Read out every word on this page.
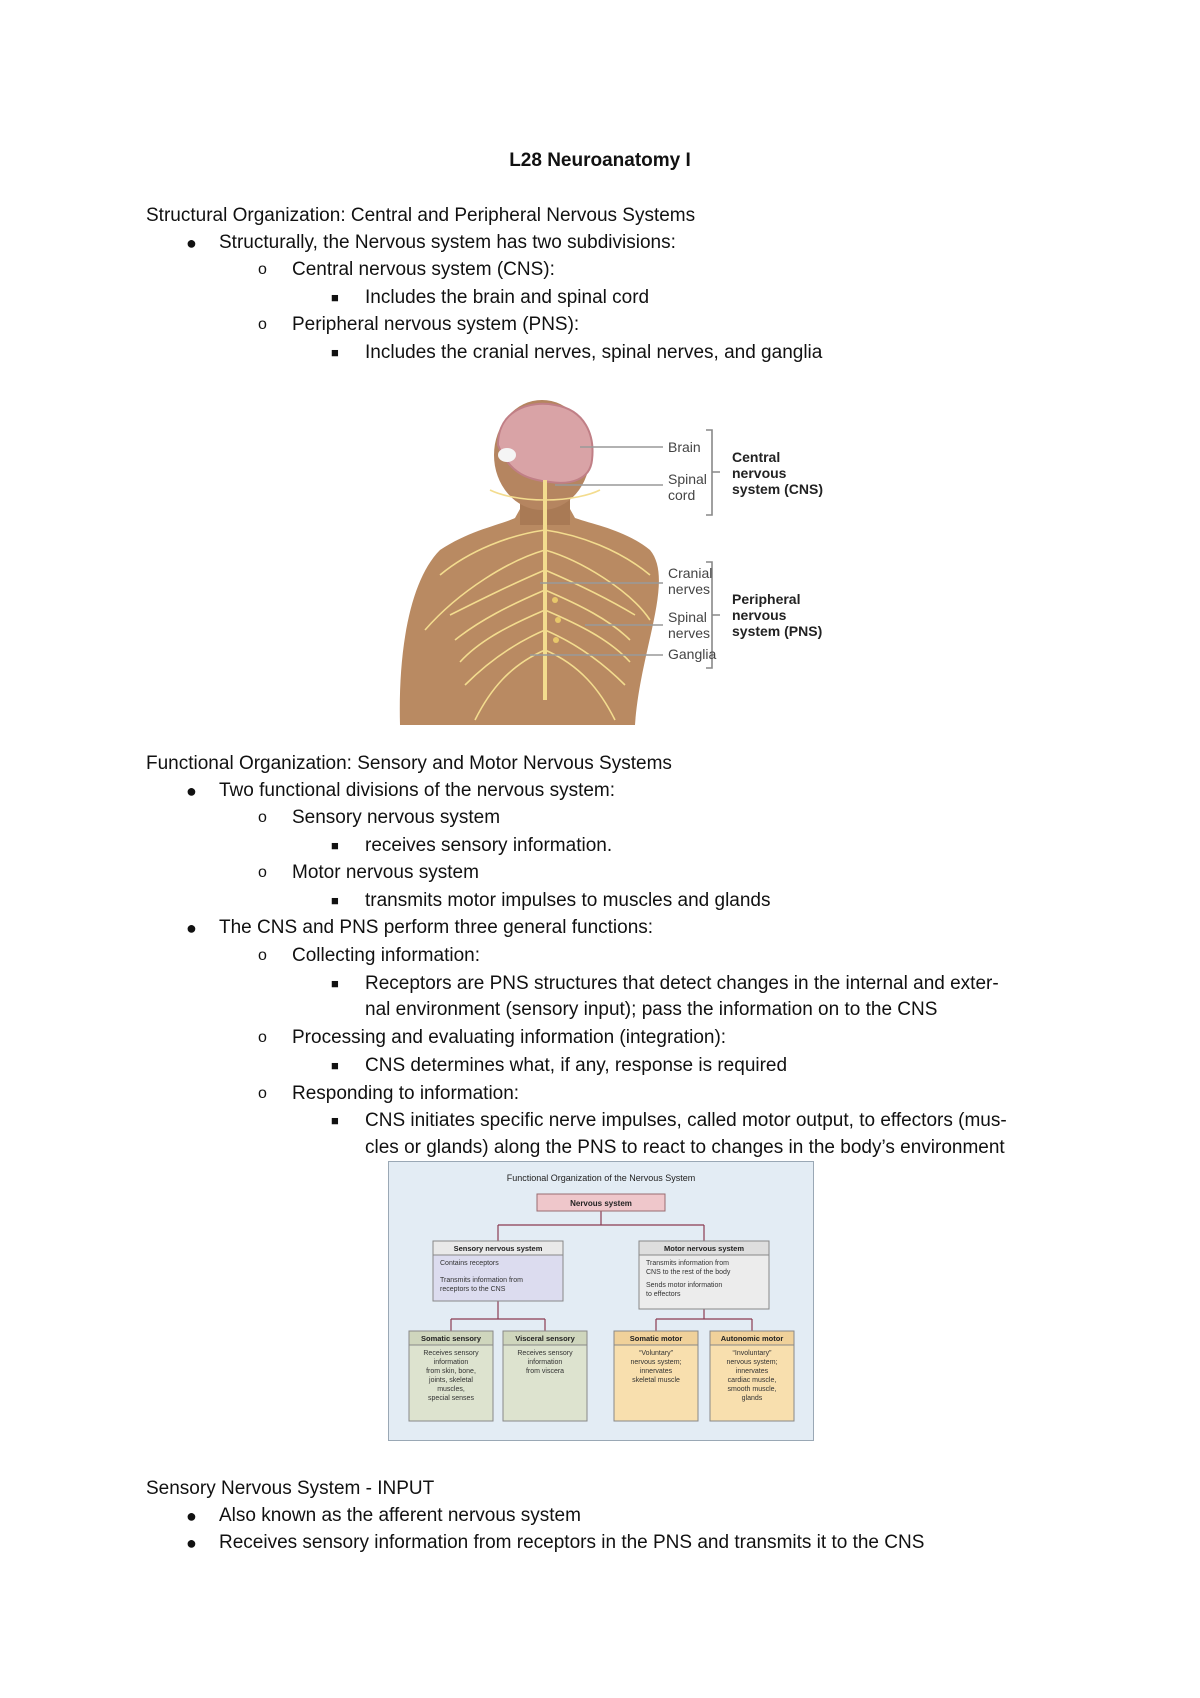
L28 Neuroanatomy I
Structural Organization: Central and Peripheral Nervous Systems
● Structurally, the Nervous system has two subdivisions:
o Central nervous system (CNS):
■ Includes the brain and spinal cord
o Peripheral nervous system (PNS):
■ Includes the cranial nerves, spinal nerves, and ganglia
Brain
Spinal
cord
Cranial
nerves
Spinal
nerves
Ganglia
Central
nervous
system (CNS)
Peripheral
nervous
system (PNS)
Functional Organization: Sensory and Motor Nervous Systems
● Two functional divisions of the nervous system:
o Sensory nervous system
■ receives sensory information.
o Motor nervous system
■ transmits motor impulses to muscles and glands
● The CNS and PNS perform three general functions:
o Collecting information:
■ Receptors are PNS structures that detect changes in the internal and exter-
nal environment (sensory input); pass the information on to the CNS
o Processing and evaluating information (integration):
■ CNS determines what, if any, response is required
o Responding to information:
■ CNS initiates specific nerve impulses, called motor output, to effectors (mus-
cles or glands) along the PNS to react to changes in the body’s environment
Functional Organization of the Nervous System
Nervous system
Sensory nervous system
Contains receptors
Transmits information from
receptors to the CNS
Motor nervous system
Transmits information from
CNS to the rest of the body
Sends motor information
to effectors
Somatic sensory
Receives sensory
information
from skin, bone,
joints, skeletal
muscles,
special senses
Visceral sensory
Receives sensory
information
from viscera
Somatic motor
“Voluntary”
nervous system;
innervates
skeletal muscle
Autonomic motor
“Involuntary”
nervous system;
innervates
cardiac muscle,
smooth muscle,
glands
Sensory Nervous System - INPUT
● Also known as the afferent nervous system
● Receives sensory information from receptors in the PNS and transmits it to the CNS
